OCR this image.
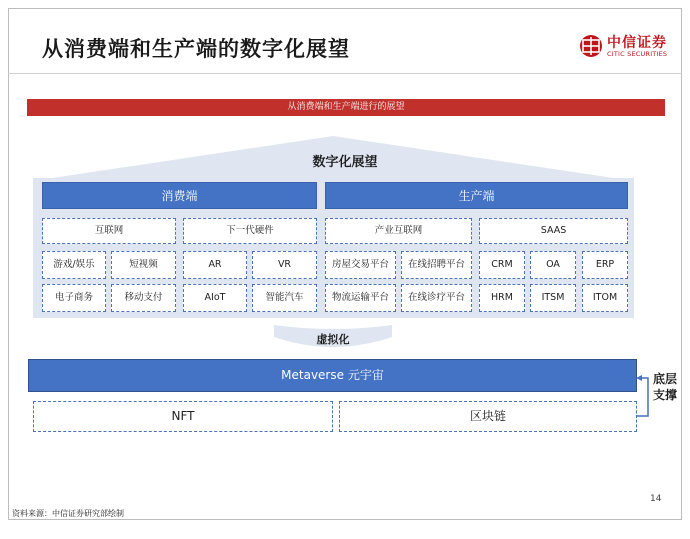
从消费端和生产端的数字化展望	中信证券
CITIC SECURITIES
从消费端和生产端进行的展望
数字化展望
消费端
互联网	下一代硬件
游戏/娱乐	短视频	AR	VR
电子商务	移动支付	AIoT	智能汽车
生产端
产业互联网	SAAS
房屋交易平台	在线招聘平台	CRM	OA	ERP
物流运输平台	在线诊疗平台	HRM	ITSM	ITOM
虚拟化
Metaverse 元宇宙
NFT	区块链
底层支撑
14
资料来源：中信证券研究部绘制
